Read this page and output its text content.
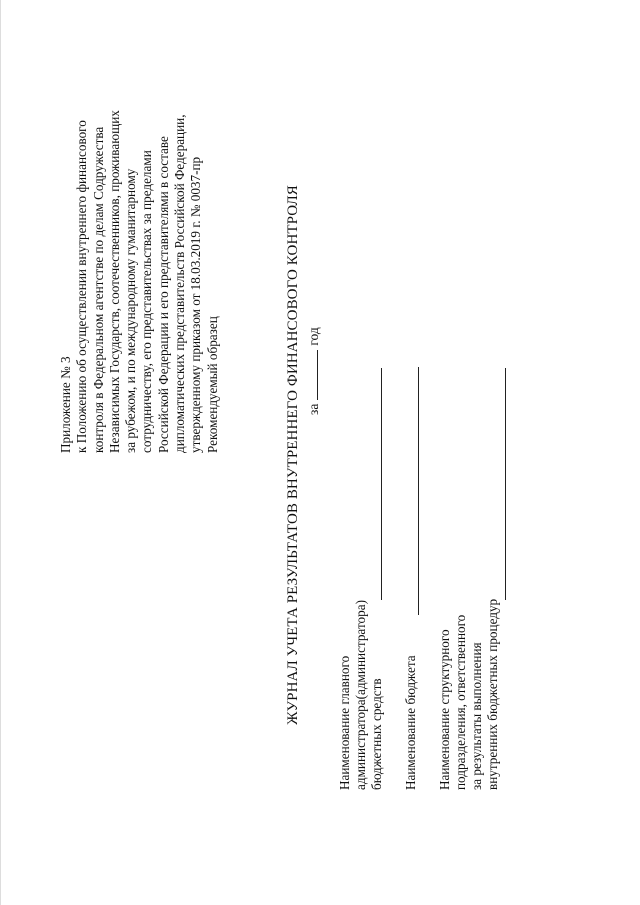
Приложение № 3 к Положению об осуществлении внутреннего финансового контроля в Федеральном агентстве по делам Содружества Независимых Государств, соотечественников, проживающих за рубежом, и по международному гуманитарному сотрудничеству, его представительствах за пределами Российской Федерации и его представителями в составе дипломатических представительств Российской Федерации, утвержденному приказом от 18.03.2019 г. № 0037-пр Рекомендуемый образец	ЖУРНАЛ УЧЕТА РЕЗУЛЬТАТОВ ВНУТРЕННЕГО ФИНАНСОВОГО КОНТРОЛЯ загод
Наименование главного администратора(администратора) бюджетных средств Наименование бюджета Наименование структурного подразделения, ответственного за результаты выполнения внутренних бюджетных процедур
